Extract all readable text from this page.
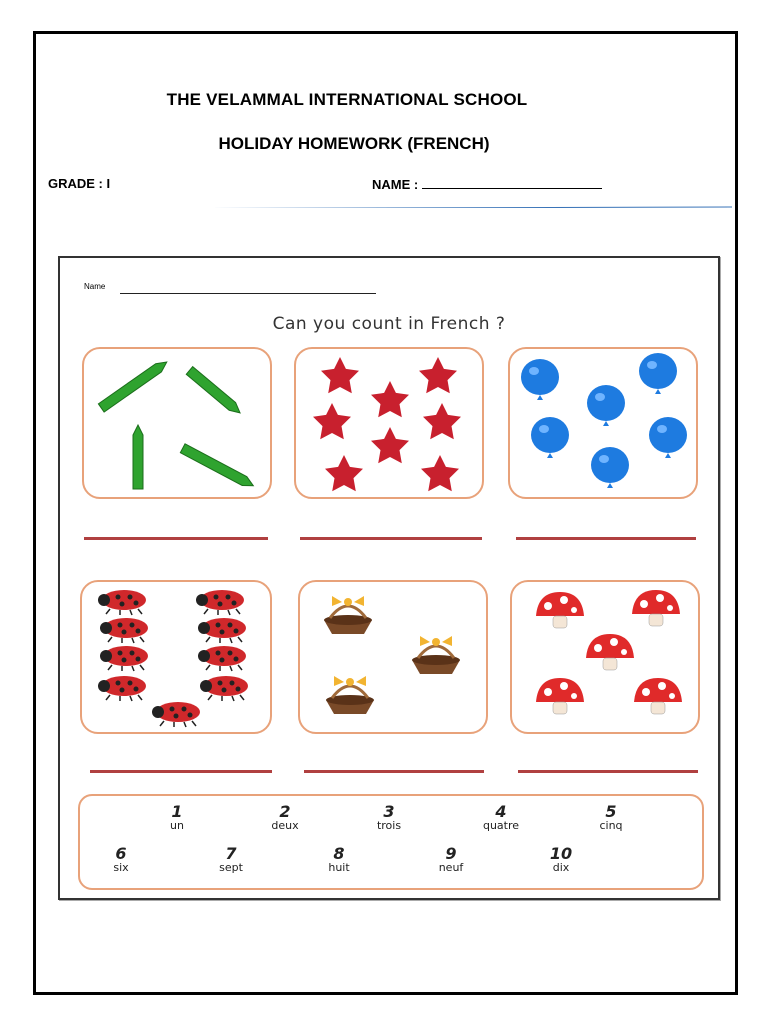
THE VELAMMAL INTERNATIONAL SCHOOL
HOLIDAY HOMEWORK (FRENCH)
GRADE : I	NAME :
Name
Can you count in French ?
1
un
2
deux
3
trois
4
quatre
5
cinq
6
six
7
sept
8
huit
9
neuf
10
dix
